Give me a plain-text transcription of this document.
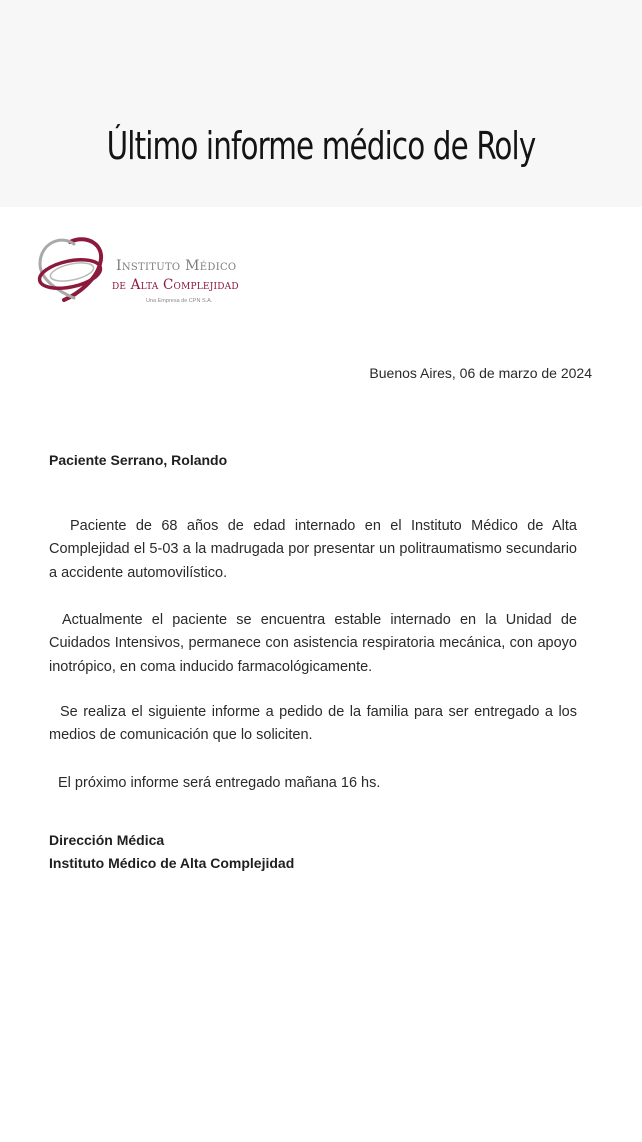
Último informe médico de Roly
Instituto Médico
de Alta Complejidad
Una Empresa de CPN S.A.
Buenos Aires, 06 de marzo de 2024
Paciente Serrano, Rolando

Paciente de 68 años de edad internado en el Instituto Médico de Alta Complejidad el 5-03 a la madrugada por presentar un politraumatismo secundario a accidente automovilístico.

Actualmente el paciente se encuentra estable internado en la Unidad de Cuidados Intensivos, permanece con asistencia respiratoria mecánica, con apoyo inotrópico, en coma inducido farmacológicamente.

Se realiza el siguiente informe a pedido de la familia para ser entregado a los medios de comunicación que lo soliciten.

El próximo informe será entregado mañana 16 hs.

Dirección Médica
Instituto Médico de Alta Complejidad
